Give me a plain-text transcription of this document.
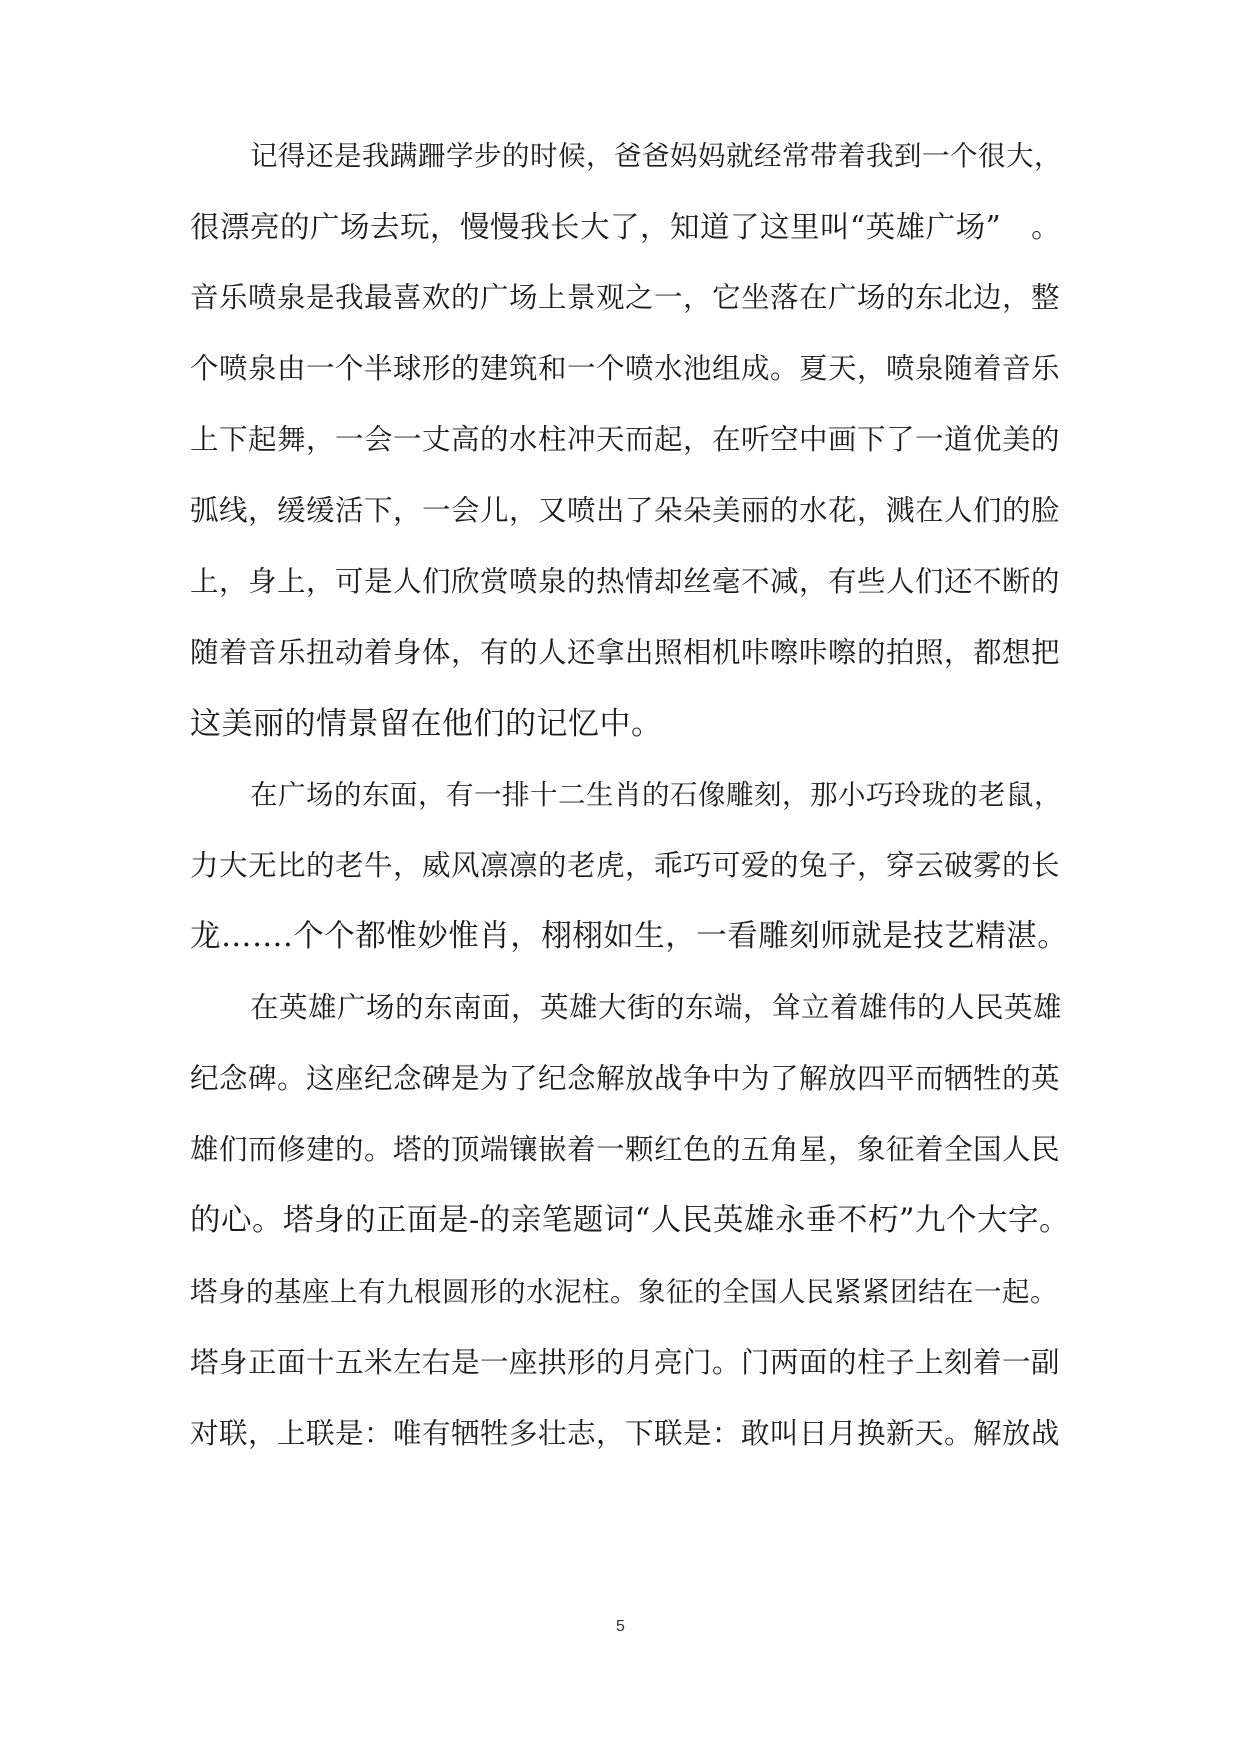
记得还是我蹒跚学步的时候，爸爸妈妈就经常带着我到一个很大，
很漂亮的广场去玩，慢慢我长大了，知道了这里叫“英雄广场”　。
音乐喷泉是我最喜欢的广场上景观之一，它坐落在广场的东北边，整
个喷泉由一个半球形的建筑和一个喷水池组成。夏天，喷泉随着音乐
上下起舞，一会一丈高的水柱冲天而起，在听空中画下了一道优美的
弧线，缓缓活下，一会儿，又喷出了朵朵美丽的水花，溅在人们的脸
上，身上，可是人们欣赏喷泉的热情却丝毫不减，有些人们还不断的
随着音乐扭动着身体，有的人还拿出照相机咔嚓咔嚓的拍照，都想把
这美丽的情景留在他们的记忆中。
在广场的东面，有一排十二生肖的石像雕刻，那小巧玲珑的老鼠，
力大无比的老牛，威风凛凛的老虎，乖巧可爱的兔子，穿云破雾的长
龙…….个个都惟妙惟肖，栩栩如生，一看雕刻师就是技艺精湛。
在英雄广场的东南面，英雄大街的东端，耸立着雄伟的人民英雄
纪念碑。这座纪念碑是为了纪念解放战争中为了解放四平而牺牲的英
雄们而修建的。塔的顶端镶嵌着一颗红色的五角星，象征着全国人民
的心。塔身的正面是-的亲笔题词“人民英雄永垂不朽”九个大字。
塔身的基座上有九根圆形的水泥柱。象征的全国人民紧紧团结在一起。
塔身正面十五米左右是一座拱形的月亮门。门两面的柱子上刻着一副
对联，上联是：唯有牺牲多壮志，下联是：敢叫日月换新天。解放战
5
